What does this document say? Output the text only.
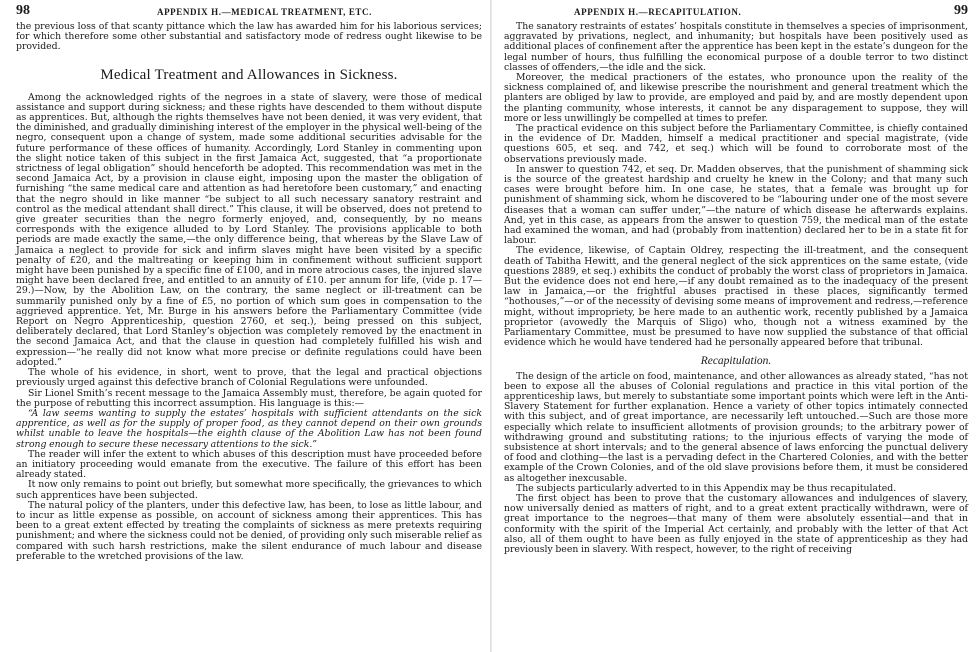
98	APPENDIX H.—MEDICAL TREATMENT, ETC.

the previous loss of that scanty pittance which the law has awarded him for his laborious services; for which therefore some other substantial and satisfactory mode of redress ought likewise to be provided.

Medical Treatment and Allowances in Sickness.

Among the acknowledged rights of the negroes in a state of slavery, were those of medical assistance and support during sickness; and these rights have descended to them without dispute as apprentices. But, although the rights themselves have not been denied, it was very evident, that the diminished, and gradually diminishing interest of the employer in the physical well-being of the negro, consequent upon a change of system, made some additional securities advisable for the future performance of these offices of humanity. Accordingly, Lord Stanley in commenting upon the slight notice taken of this subject in the first Jamaica Act, suggested, that “a proportionate strictness of legal obligation” should henceforth be adopted. This recommendation was met in the second Jamaica Act, by a provision in clause eight, imposing upon the master the obligation of furnishing “the same medical care and attention as had heretofore been customary,” and enacting that the negro should in like manner “be subject to all such necessary sanatory restraint and control as the medical attendant shall direct.” This clause, it will be observed, does not pretend to give greater securities than the negro formerly enjoyed, and, consequently, by no means corresponds with the exigence alluded to by Lord Stanley. The provisions applicable to both periods are made exactly the same,—the only difference being, that whereas by the Slave Law of Jamaica a neglect to provide for sick and infirm slaves might have been visited by a specific penalty of £20, and the maltreating or keeping him in confinement without sufficient support might have been punished by a specific fine of £100, and in more atrocious cases, the injured slave might have been declared free, and entitled to an annuity of £10. per annum for life, (vide p. 17—29.)—Now, by the Abolition Law, on the contrary, the same neglect or ill-treatment can be summarily punished only by a fine of £5, no portion of which sum goes in compensation to the aggrieved apprentice. Yet, Mr. Burge in his answers before the Parliamentary Committee (vide Report on Negro Apprenticeship, question 2760, et seq.), being pressed on this subject, deliberately declared, that Lord Stanley’s objection was completely removed by the enactment in the second Jamaica Act, and that the clause in question had completely fulfilled his wish and expression—“he really did not know what more precise or definite regulations could have been adopted.”

The whole of his evidence, in short, went to prove, that the legal and practical objections previously urged against this defective branch of Colonial Regulations were unfounded.

Sir Lionel Smith’s recent message to the Jamaica Assembly must, therefore, be again quoted for the purpose of rebutting this incorrect assumption. His language is this:—

“A law seems wanting to supply the estates’ hospitals with sufficient attendants on the sick apprentice, as well as for the supply of proper food, as they cannot depend on their own grounds whilst unable to leave the hospitals—the eighth clause of the Abolition Law has not been found strong enough to secure these necessary attentions to the sick.”

The reader will infer the extent to which abuses of this description must have proceeded before an initiatory proceeding would emanate from the executive. The failure of this effort has been already stated.

It now only remains to point out briefly, but somewhat more specifically, the grievances to which such apprentices have been subjected.

The natural policy of the planters, under this defective law, has been, to lose as little labour, and to incur as little expense as possible, on account of sickness among their apprentices. This has been to a great extent effected by treating the complaints of sickness as mere pretexts requiring punishment; and where the sickness could not be denied, of providing only such miserable relief as compared with such harsh restrictions, make the silent endurance of much labour and disease preferable to the wretched provisions of the law.

APPENDIX H.—RECAPITULATION.	99

The sanatory restraints of estates’ hospitals constitute in themselves a species of imprisonment, aggravated by privations, neglect, and inhumanity; but hospitals have been positively used as additional places of confinement after the apprentice has been kept in the estate’s dungeon for the legal number of hours, thus fulfilling the economical purpose of a double terror to two distinct classes of offenders,—the idle and the sick.

Moreover, the medical practioners of the estates, who pronounce upon the reality of the sickness complained of, and likewise prescribe the nourishment and general treatment which the planters are obliged by law to provide, are employed and paid by, and are mostly dependent upon the planting community, whose interests, it cannot be any disparagement to suppose, they will more or less unwillingly be compelled at times to prefer.

The practical evidence on this subject before the Parliamentary Committee, is chiefly contained in the evidence of Dr. Madden, himself a medical practitioner and special magistrate, (vide questions 605, et seq. and 742, et seq.) which will be found to corroborate most of the observations previously made.

In answer to question 742, et seq. Dr. Madden observes, that the punishment of shamming sick is the source of the greatest hardship and cruelty he knew in the Colony; and that many such cases were brought before him. In one case, he states, that a female was brought up for punishment of shamming sick, whom he discovered to be “labouring under one of the most severe diseases that a woman can suffer under,”—the nature of which disease he afterwards explains. And, yet in this case, as appears from the answer to question 759, the medical man of the estate had examined the woman, and had (probably from inattention) declared her to be in a state fit for labour.

The evidence, likewise, of Captain Oldrey, respecting the ill-treatment, and the consequent death of Tabitha Hewitt, and the general neglect of the sick apprentices on the same estate, (vide questions 2889, et seq.) exhibits the conduct of probably the worst class of proprietors in Jamaica. But the evidence does not end here,—if any doubt remained as to the inadequacy of the present law in Jamaica,—or the frightful abuses practised in these places, significantly termed “hothouses,”—or of the necessity of devising some means of improvement and redress,—reference might, without impropriety, be here made to an authentic work, recently published by a Jamaica proprietor (avowedly the Marquis of Sligo) who, though not a witness examined by the Parliamentary Committee, must be presumed to have now supplied the substance of that official evidence which he would have tendered had he personally appeared before that tribunal.

Recapitulation.

The design of the article on food, maintenance, and other allowances as already stated, “has not been to expose all the abuses of Colonial regulations and practice in this vital portion of the apprenticeship laws, but merely to substantiate some important points which were left in the Anti-Slavery Statement for further explanation. Hence a variety of other topics intimately connected with this subject, and of great importance, are necessarily left untouched.—Such are those more especially which relate to insufficient allotments of provision grounds; to the arbitrary power of withdrawing ground and substituting rations; to the injurious effects of varying the mode of subsistence at short intervals; and to the general absence of laws enforcing the punctual delivery of food and clothing—the last is a pervading defect in the Chartered Colonies, and with the better example of the Crown Colonies, and of the old slave provisions before them, it must be considered as altogether inexcusable.

The subjects particularly adverted to in this Appendix may be thus recapitulated.

The first object has been to prove that the customary allowances and indulgences of slavery, now universally denied as matters of right, and to a great extent practically withdrawn, were of great importance to the negroes—that many of them were absolutely essential—and that in conformity with the spirit of the Imperial Act certainly, and probably with the letter of that Act also, all of them ought to have been as fully enjoyed in the state of apprenticeship as they had previously been in slavery. With respect, however, to the right of receiving
